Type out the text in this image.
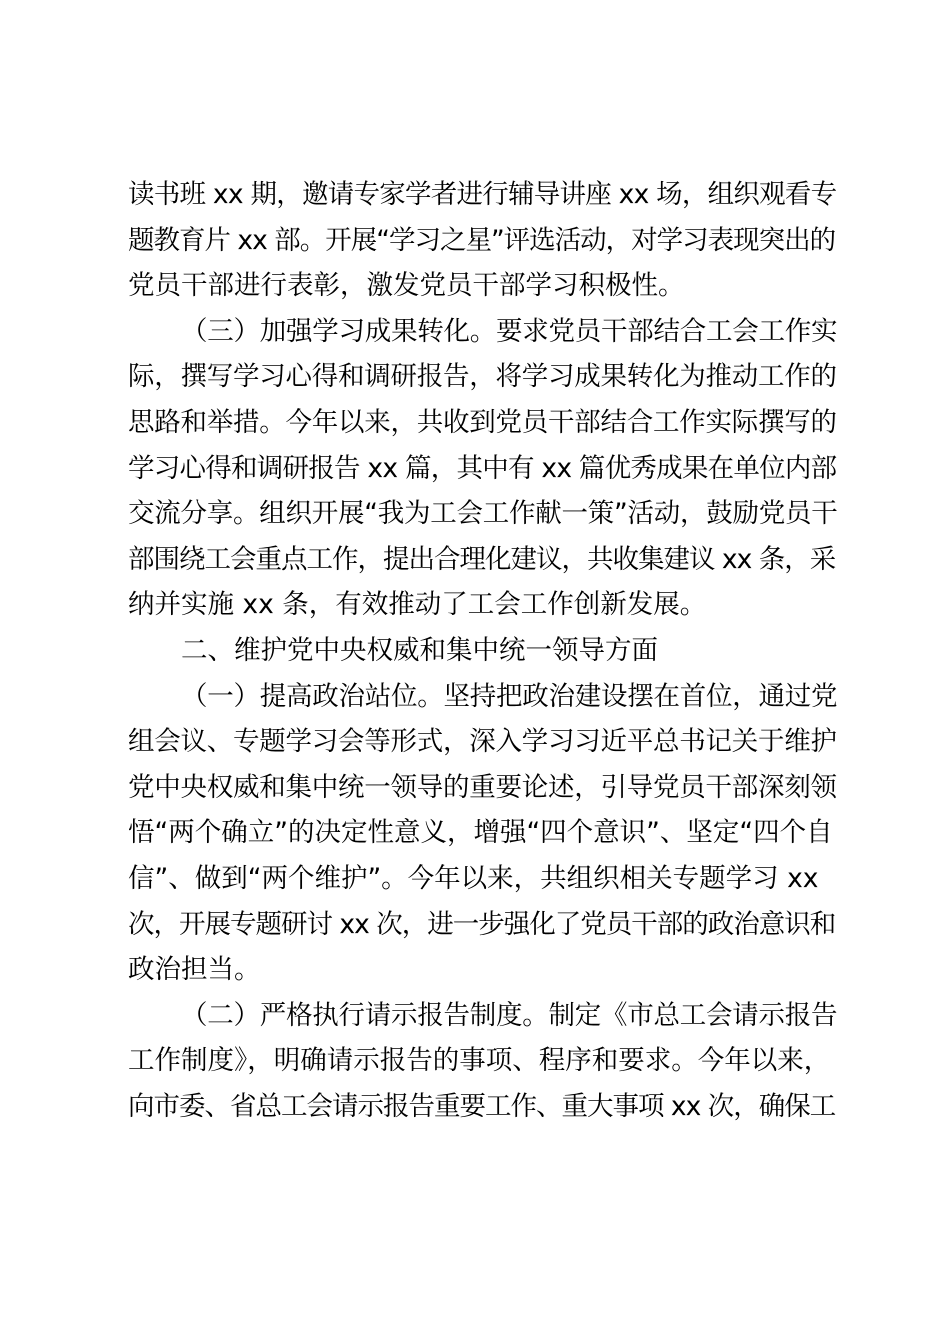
读书班 xx 期，邀请专家学者进行辅导讲座 xx 场，组织观看专
题教育片 xx 部。开展“学习之星”评选活动，对学习表现突出的
党员干部进行表彰，激发党员干部学习积极性。
（三）加强学习成果转化。要求党员干部结合工会工作实
际，撰写学习心得和调研报告，将学习成果转化为推动工作的
思路和举措。今年以来，共收到党员干部结合工作实际撰写的
学习心得和调研报告 xx 篇，其中有 xx 篇优秀成果在单位内部
交流分享。组织开展“我为工会工作献一策”活动，鼓励党员干
部围绕工会重点工作，提出合理化建议，共收集建议 xx 条，采
纳并实施 xx 条，有效推动了工会工作创新发展。
二、维护党中央权威和集中统一领导方面
（一）提高政治站位。坚持把政治建设摆在首位，通过党
组会议、专题学习会等形式，深入学习习近平总书记关于维护
党中央权威和集中统一领导的重要论述，引导党员干部深刻领
悟“两个确立”的决定性意义，增强“四个意识”、坚定“四个自
信”、做到“两个维护”。今年以来，共组织相关专题学习 xx
次，开展专题研讨 xx 次，进一步强化了党员干部的政治意识和
政治担当。
（二）严格执行请示报告制度。制定《市总工会请示报告
工作制度》，明确请示报告的事项、程序和要求。今年以来，
向市委、省总工会请示报告重要工作、重大事项 xx 次，确保工
